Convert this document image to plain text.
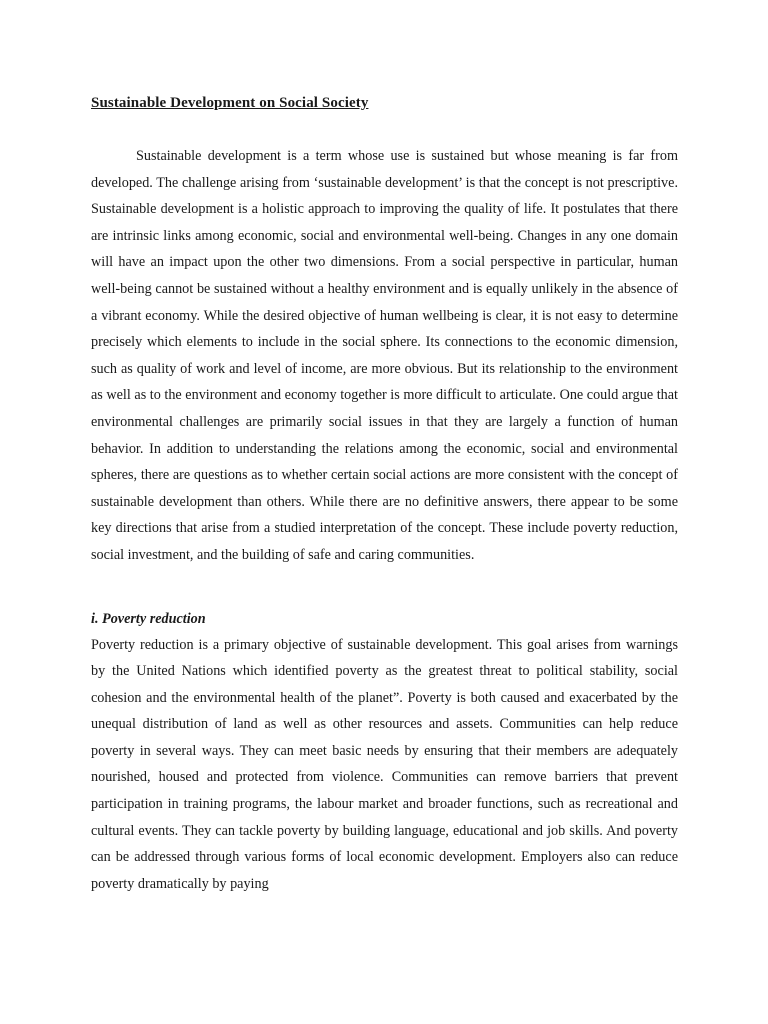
Sustainable Development on Social Society

Sustainable development is a term whose use is sustained but whose meaning is far from developed. The challenge arising from ‘sustainable development’ is that the concept is not prescriptive. Sustainable development is a holistic approach to improving the quality of life. It postulates that there are intrinsic links among economic, social and environmental well-being. Changes in any one domain will have an impact upon the other two dimensions. From a social perspective in particular, human well-being cannot be sustained without a healthy environment and is equally unlikely in the absence of a vibrant economy. While the desired objective of human wellbeing is clear, it is not easy to determine precisely which elements to include in the social sphere. Its connections to the economic dimension, such as quality of work and level of income, are more obvious. But its relationship to the environment as well as to the environment and economy together is more difficult to articulate. One could argue that environmental challenges are primarily social issues in that they are largely a function of human behavior. In addition to understanding the relations among the economic, social and environmental spheres, there are questions as to whether certain social actions are more consistent with the concept of sustainable development than others. While there are no definitive answers, there appear to be some key directions that arise from a studied interpretation of the concept. These include poverty reduction, social investment, and the building of safe and caring communities.

i. Poverty reduction

Poverty reduction is a primary objective of sustainable development. This goal arises from warnings by the United Nations which identified poverty as the greatest threat to political stability, social cohesion and the environmental health of the planet”. Poverty is both caused and exacerbated by the unequal distribution of land as well as other resources and assets. Communities can help reduce poverty in several ways. They can meet basic needs by ensuring that their members are adequately nourished, housed and protected from violence. Communities can remove barriers that prevent participation in training programs, the labour market and broader functions, such as recreational and cultural events. They can tackle poverty by building language, educational and job skills. And poverty can be addressed through various forms of local economic development. Employers also can reduce poverty dramatically by paying
